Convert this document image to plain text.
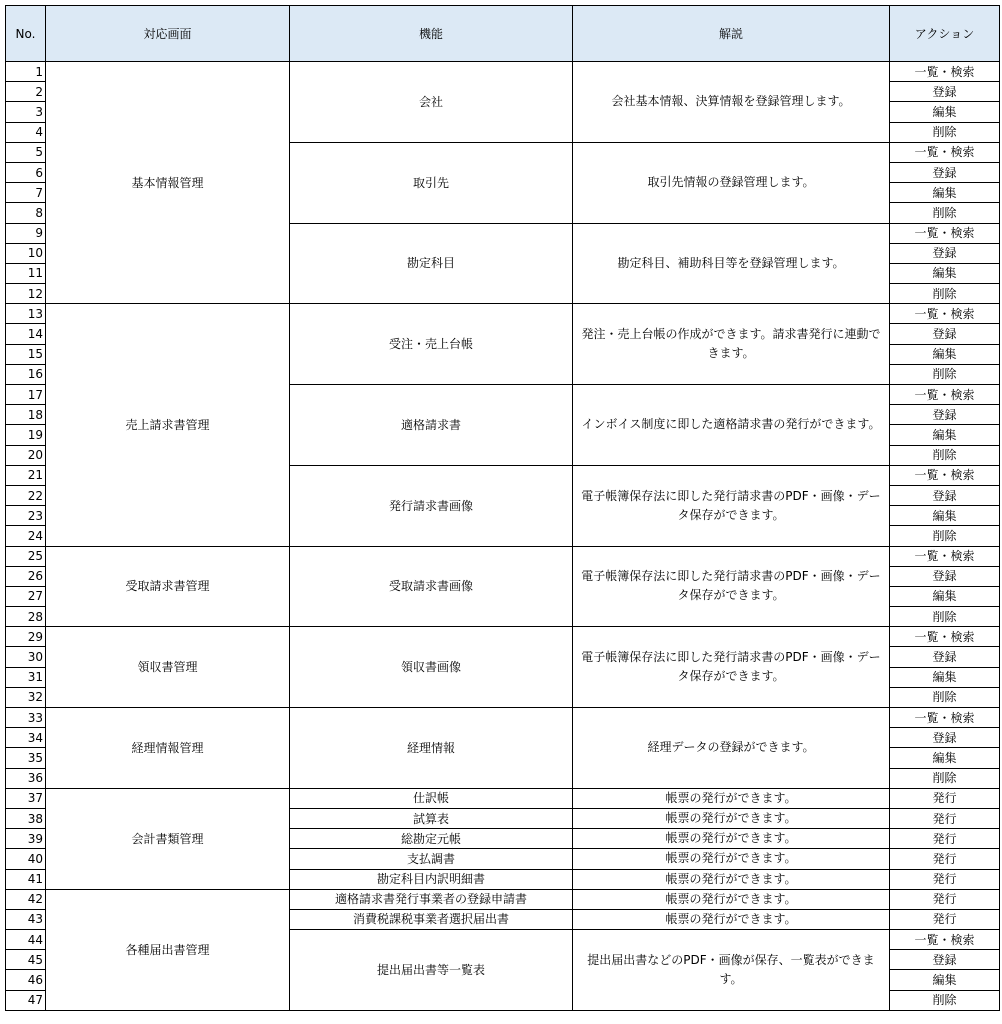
No.	対応画面	機能	解説	アクション
1	基本情報管理	会社	会社基本情報、決算情報を登録管理します。	一覧・検索
2				登録
3				編集
4				削除
5		取引先	取引先情報の登録管理します。	一覧・検索
6				登録
7				編集
8				削除
9		勘定科目	勘定科目、補助科目等を登録管理します。	一覧・検索
10				登録
11				編集
12				削除
13	売上請求書管理	受注・売上台帳	発注・売上台帳の作成ができます。請求書発行に連動できます。	一覧・検索
14				登録
15				編集
16				削除
17		適格請求書	インボイス制度に即した適格請求書の発行ができます。	一覧・検索
18				登録
19				編集
20				削除
21		発行請求書画像	電子帳簿保存法に即した発行請求書のPDF・画像・データ保存ができます。	一覧・検索
22				登録
23				編集
24				削除
25	受取請求書管理	受取請求書画像	電子帳簿保存法に即した発行請求書のPDF・画像・データ保存ができます。	一覧・検索
26				登録
27				編集
28				削除
29	領収書管理	領収書画像	電子帳簿保存法に即した発行請求書のPDF・画像・データ保存ができます。	一覧・検索
30				登録
31				編集
32				削除
33	経理情報管理	経理情報	経理データの登録ができます。	一覧・検索
34				登録
35				編集
36				削除
37	会計書類管理	仕訳帳	帳票の発行ができます。	発行
38		試算表	帳票の発行ができます。	発行
39		総勘定元帳	帳票の発行ができます。	発行
40		支払調書	帳票の発行ができます。	発行
41		勘定科目内訳明細書	帳票の発行ができます。	発行
42	各種届出書管理	適格請求書発行事業者の登録申請書	帳票の発行ができます。	発行
43		消費税課税事業者選択届出書	帳票の発行ができます。	発行
44		提出届出書等一覧表	提出届出書などのPDF・画像が保存、一覧表ができます。	一覧・検索
45				登録
46				編集
47				削除
